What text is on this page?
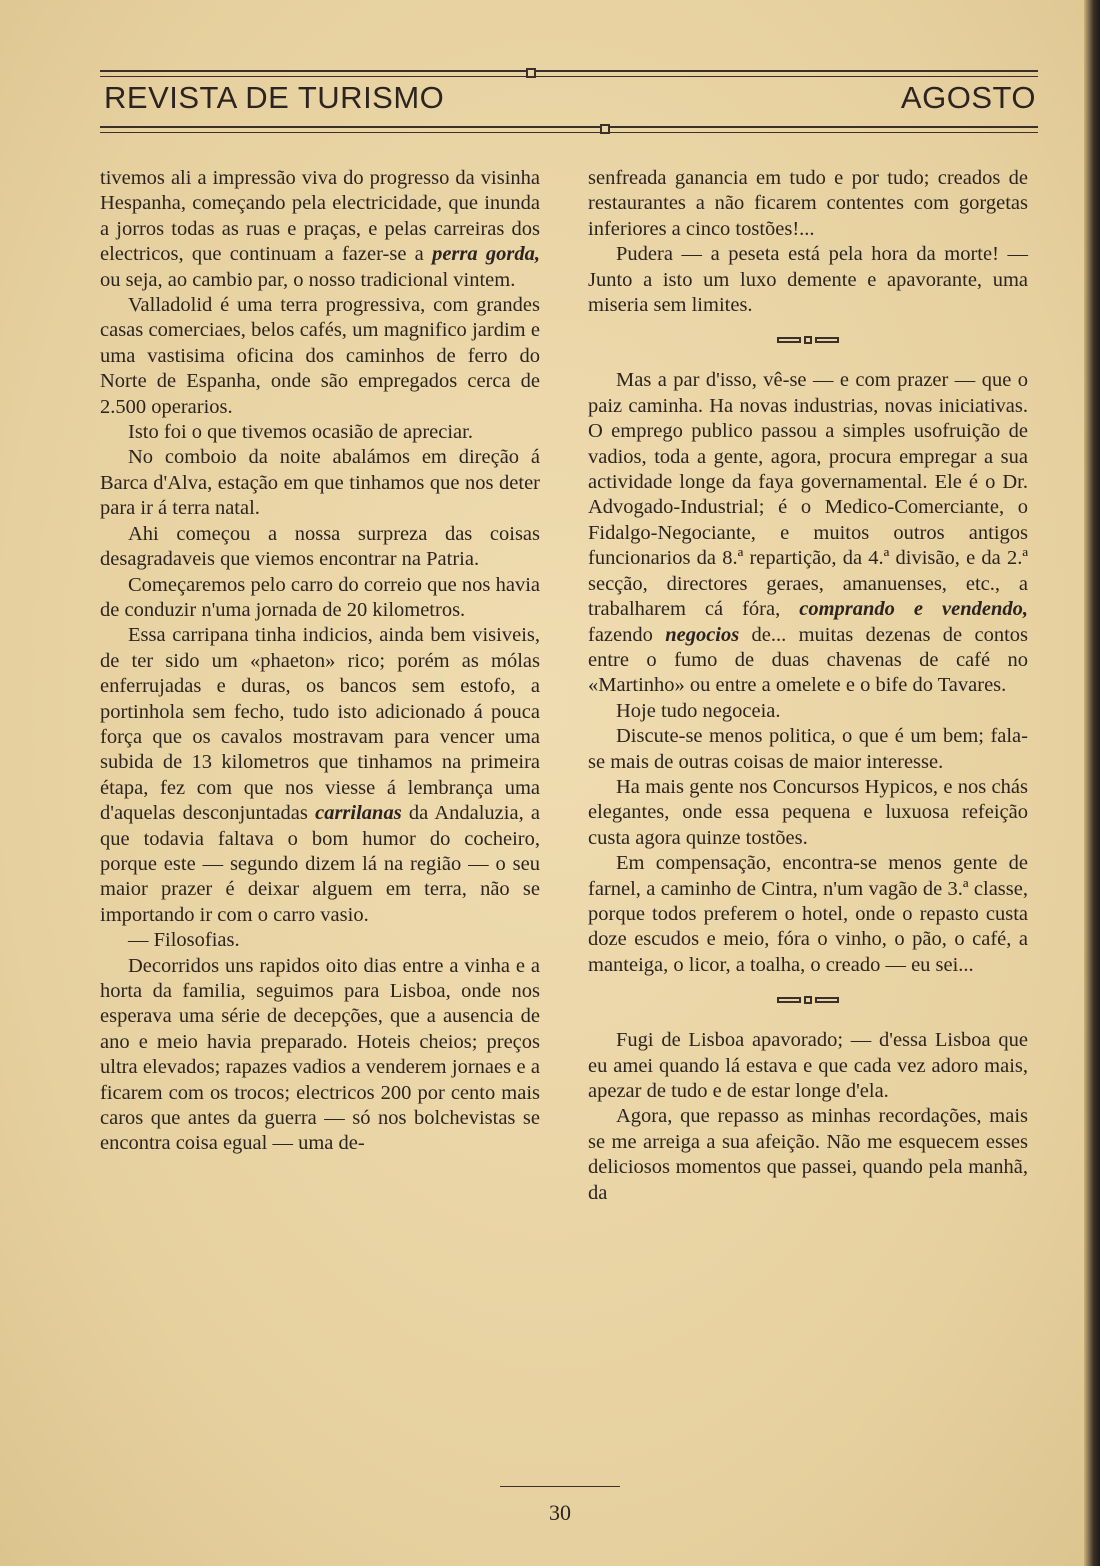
REVISTA DE TURISMO	AGOSTO

tivemos ali a impressão viva do progresso da visinha Hespanha, começando pela electricidade, que inunda a jorros todas as ruas e praças, e pelas carreiras dos electricos, que continuam a fazer-se a perra gorda, ou seja, ao cambio par, o nosso tradicional vintem.

Valladolid é uma terra progressiva, com grandes casas comerciaes, belos cafés, um magnifico jardim e uma vastisima oficina dos caminhos de ferro do Norte de Espanha, onde são empregados cerca de 2.500 operarios.

Isto foi o que tivemos ocasião de apreciar.

No comboio da noite abalámos em direção á Barca d'Alva, estação em que tinhamos que nos deter para ir á terra natal.

Ahi começou a nossa surpreza das coisas desagradaveis que viemos encontrar na Patria.

Começaremos pelo carro do correio que nos havia de conduzir n'uma jornada de 20 kilometros.

Essa carripana tinha indicios, ainda bem visiveis, de ter sido um «phaeton» rico; porém as mólas enferrujadas e duras, os bancos sem estofo, a portinhola sem fecho, tudo isto adicionado á pouca força que os cavalos mostravam para vencer uma subida de 13 kilometros que tinhamos na primeira étapa, fez com que nos viesse á lembrança uma d'aquelas desconjuntadas carrilanas da Andaluzia, a que todavia faltava o bom humor do cocheiro, porque este — segundo dizem lá na região — o seu maior prazer é deixar alguem em terra, não se importando ir com o carro vasio.

— Filosofias.

Decorridos uns rapidos oito dias entre a vinha e a horta da familia, seguimos para Lisboa, onde nos esperava uma série de decepções, que a ausencia de ano e meio havia preparado. Hoteis cheios; preços ultra elevados; rapazes vadios a venderem jornaes e a ficarem com os trocos; electricos 200 por cento mais caros que antes da guerra — só nos bolchevistas se encontra coisa egual — uma de-

senfreada ganancia em tudo e por tudo; creados de restaurantes a não ficarem contentes com gorgetas inferiores a cinco tostões!...

Pudera — a peseta está pela hora da morte! — Junto a isto um luxo demente e apavorante, uma miseria sem limites.

Mas a par d'isso, vê-se — e com prazer — que o paiz caminha. Ha novas industrias, novas iniciativas. O emprego publico passou a simples usofruição de vadios, toda a gente, agora, procura empregar a sua actividade longe da faya governamental. Ele é o Dr. Advogado-Industrial; é o Medico-Comerciante, o Fidalgo-Negociante, e muitos outros antigos funcionarios da 8.ª repartição, da 4.ª divisão, e da 2.ª secção, directores geraes, amanuenses, etc., a trabalharem cá fóra, comprando e vendendo, fazendo negocios de... muitas dezenas de contos entre o fumo de duas chavenas de café no «Martinho» ou entre a omelete e o bife do Tavares.

Hoje tudo negoceia.

Discute-se menos politica, o que é um bem; fala-se mais de outras coisas de maior interesse.

Ha mais gente nos Concursos Hypicos, e nos chás elegantes, onde essa pequena e luxuosa refeição custa agora quinze tostões.

Em compensação, encontra-se menos gente de farnel, a caminho de Cintra, n'um vagão de 3.ª classe, porque todos preferem o hotel, onde o repasto custa doze escudos e meio, fóra o vinho, o pão, o café, a manteiga, o licor, a toalha, o creado — eu sei...

Fugi de Lisboa apavorado; — d'essa Lisboa que eu amei quando lá estava e que cada vez adoro mais, apezar de tudo e de estar longe d'ela.

Agora, que repasso as minhas recordações, mais se me arreiga a sua afeição. Não me esquecem esses deliciosos momentos que passei, quando pela manhã, da

30
